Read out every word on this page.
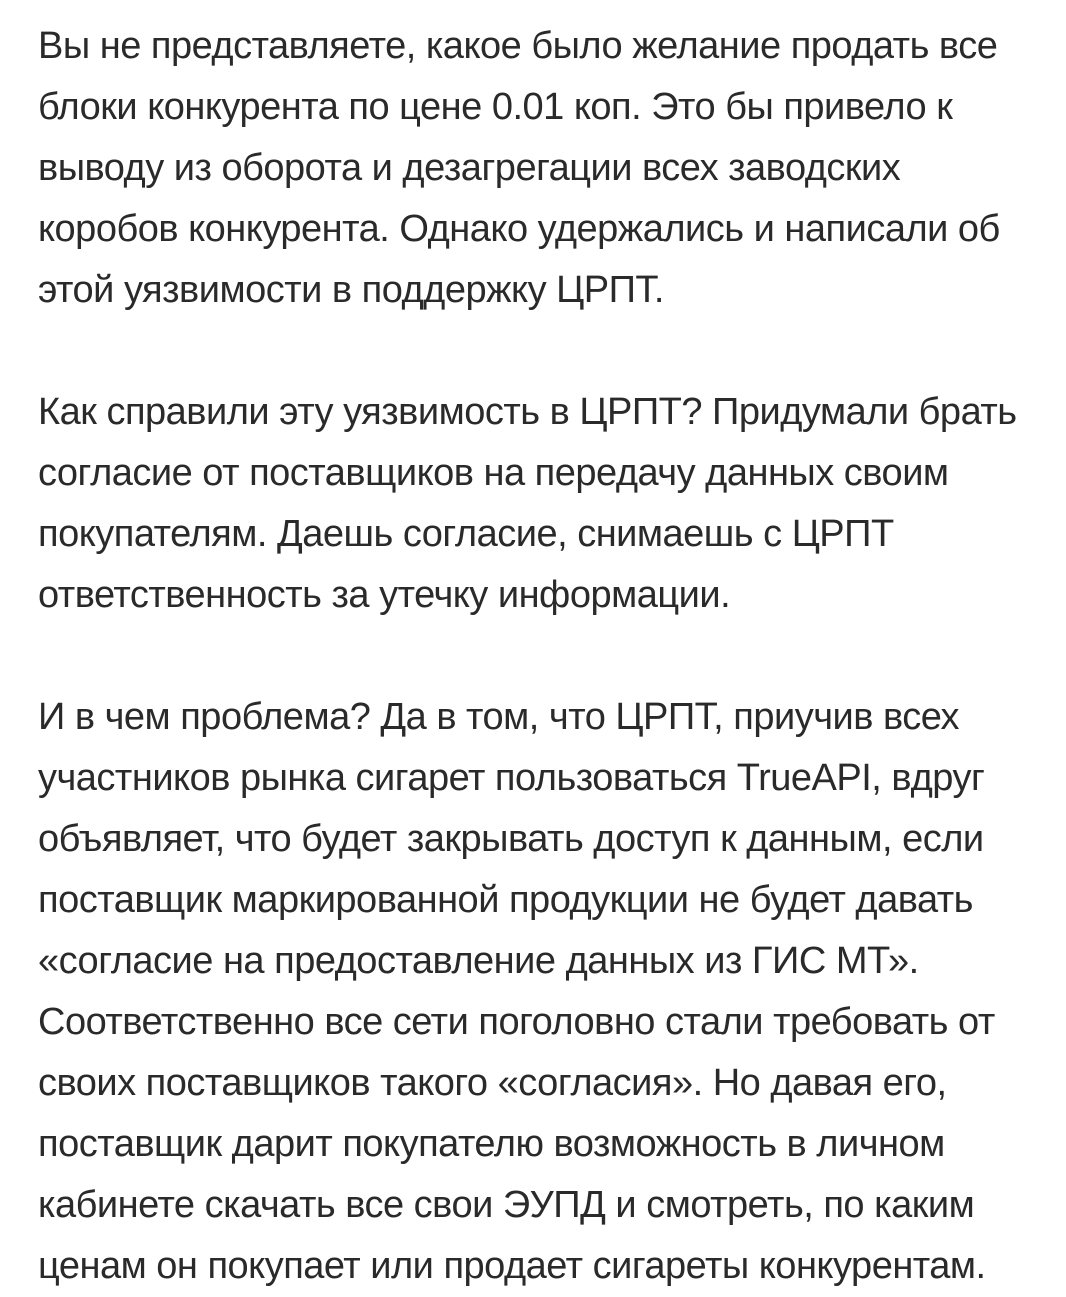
Вы не представляете, какое было желание продать все
блоки конкурента по цене 0.01 коп. Это бы привело к
выводу из оборота и дезагрегации всех заводских
коробов конкурента. Однако удержались и написали об
этой уязвимости в поддержку ЦРПТ.

Как справили эту уязвимость в ЦРПТ? Придумали брать
согласие от поставщиков на передачу данных своим
покупателям. Даешь согласие, снимаешь с ЦРПТ
ответственность за утечку информации.

И в чем проблема? Да в том, что ЦРПТ, приучив всех
участников рынка сигарет пользоваться TrueAPI, вдруг
объявляет, что будет закрывать доступ к данным, если
поставщик маркированной продукции не будет давать
«согласие на предоставление данных из ГИС МТ».
Соответственно все сети поголовно стали требовать от
своих поставщиков такого «согласия». Но давая его,
поставщик дарит покупателю возможность в личном
кабинете скачать все свои ЭУПД и смотреть, по каким
ценам он покупает или продает сигареты конкурентам.
